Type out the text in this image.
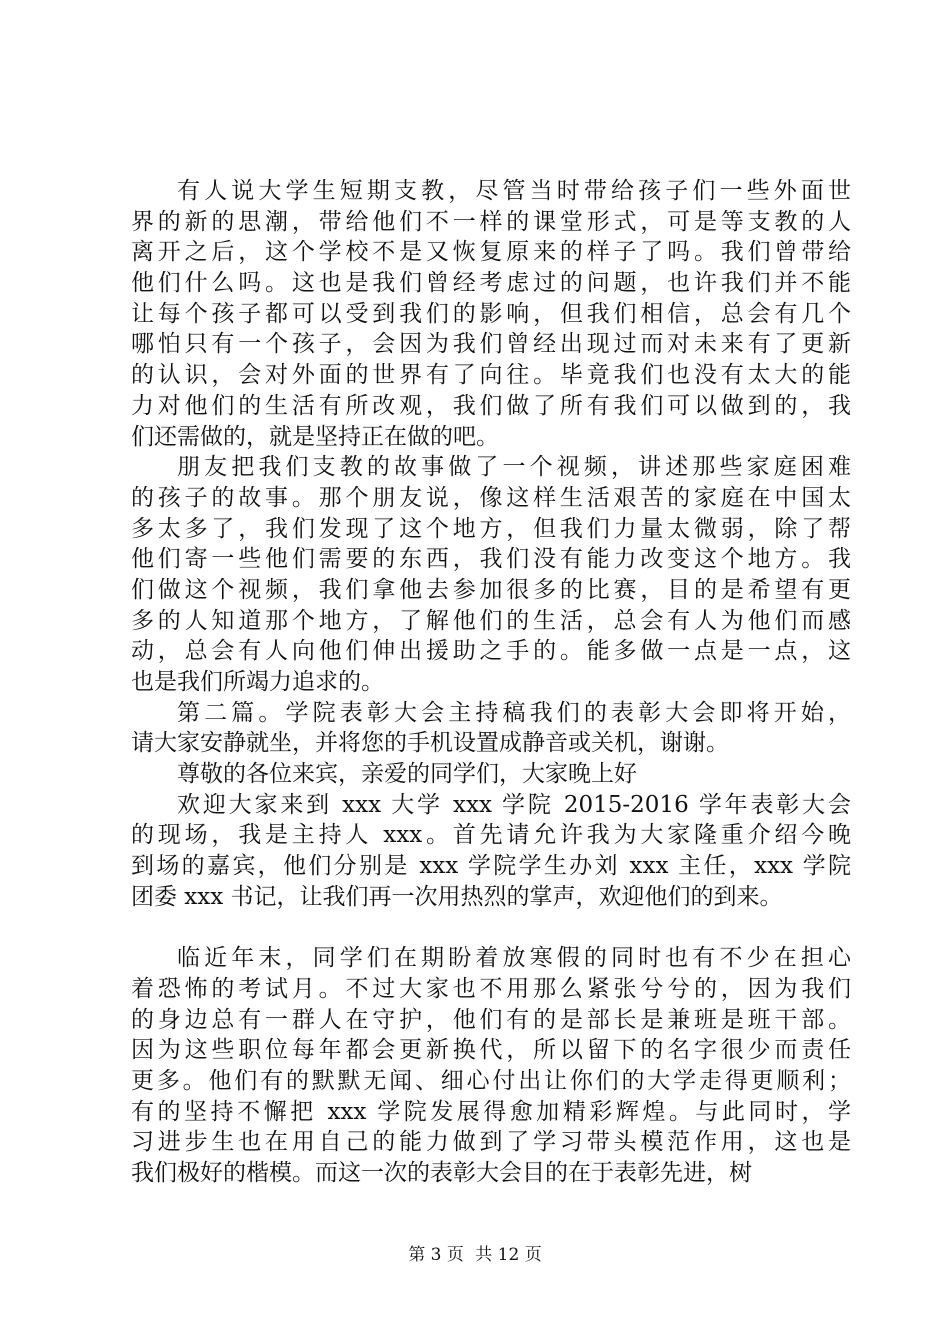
有人说大学生短期支教，尽管当时带给孩子们一些外面世
界的新的思潮，带给他们不一样的课堂形式，可是等支教的人
离开之后，这个学校不是又恢复原来的样子了吗。我们曾带给
他们什么吗。这也是我们曾经考虑过的问题，也许我们并不能
让每个孩子都可以受到我们的影响，但我们相信，总会有几个
哪怕只有一个孩子，会因为我们曾经出现过而对未来有了更新
的认识，会对外面的世界有了向往。毕竟我们也没有太大的能
力对他们的生活有所改观，我们做了所有我们可以做到的，我
们还需做的，就是坚持正在做的吧。
朋友把我们支教的故事做了一个视频，讲述那些家庭困难
的孩子的故事。那个朋友说，像这样生活艰苦的家庭在中国太
多太多了，我们发现了这个地方，但我们力量太微弱，除了帮
他们寄一些他们需要的东西，我们没有能力改变这个地方。我
们做这个视频，我们拿他去参加很多的比赛，目的是希望有更
多的人知道那个地方，了解他们的生活，总会有人为他们而感
动，总会有人向他们伸出援助之手的。能多做一点是一点，这
也是我们所竭力追求的。
第二篇。学院表彰大会主持稿我们的表彰大会即将开始，
请大家安静就坐，并将您的手机设置成静音或关机，谢谢。
尊敬的各位来宾，亲爱的同学们，大家晚上好
欢迎大家来到 xxx 大学 xxx 学院 2015-2016 学年表彰大会
的现场，我是主持人 xxx。首先请允许我为大家隆重介绍今晚
到场的嘉宾，他们分别是 xxx 学院学生办刘 xxx 主任，xxx 学院
团委 xxx 书记，让我们再一次用热烈的掌声，欢迎他们的到来。
临近年末，同学们在期盼着放寒假的同时也有不少在担心
着恐怖的考试月。不过大家也不用那么紧张兮兮的，因为我们
的身边总有一群人在守护，他们有的是部长是兼班是班干部。
因为这些职位每年都会更新换代，所以留下的名字很少而责任
更多。他们有的默默无闻、细心付出让你们的大学走得更顺利；
有的坚持不懈把 xxx 学院发展得愈加精彩辉煌。与此同时，学
习进步生也在用自己的能力做到了学习带头模范作用，这也是
我们极好的楷模。而这一次的表彰大会目的在于表彰先进，树
第 3 页 共 12 页
